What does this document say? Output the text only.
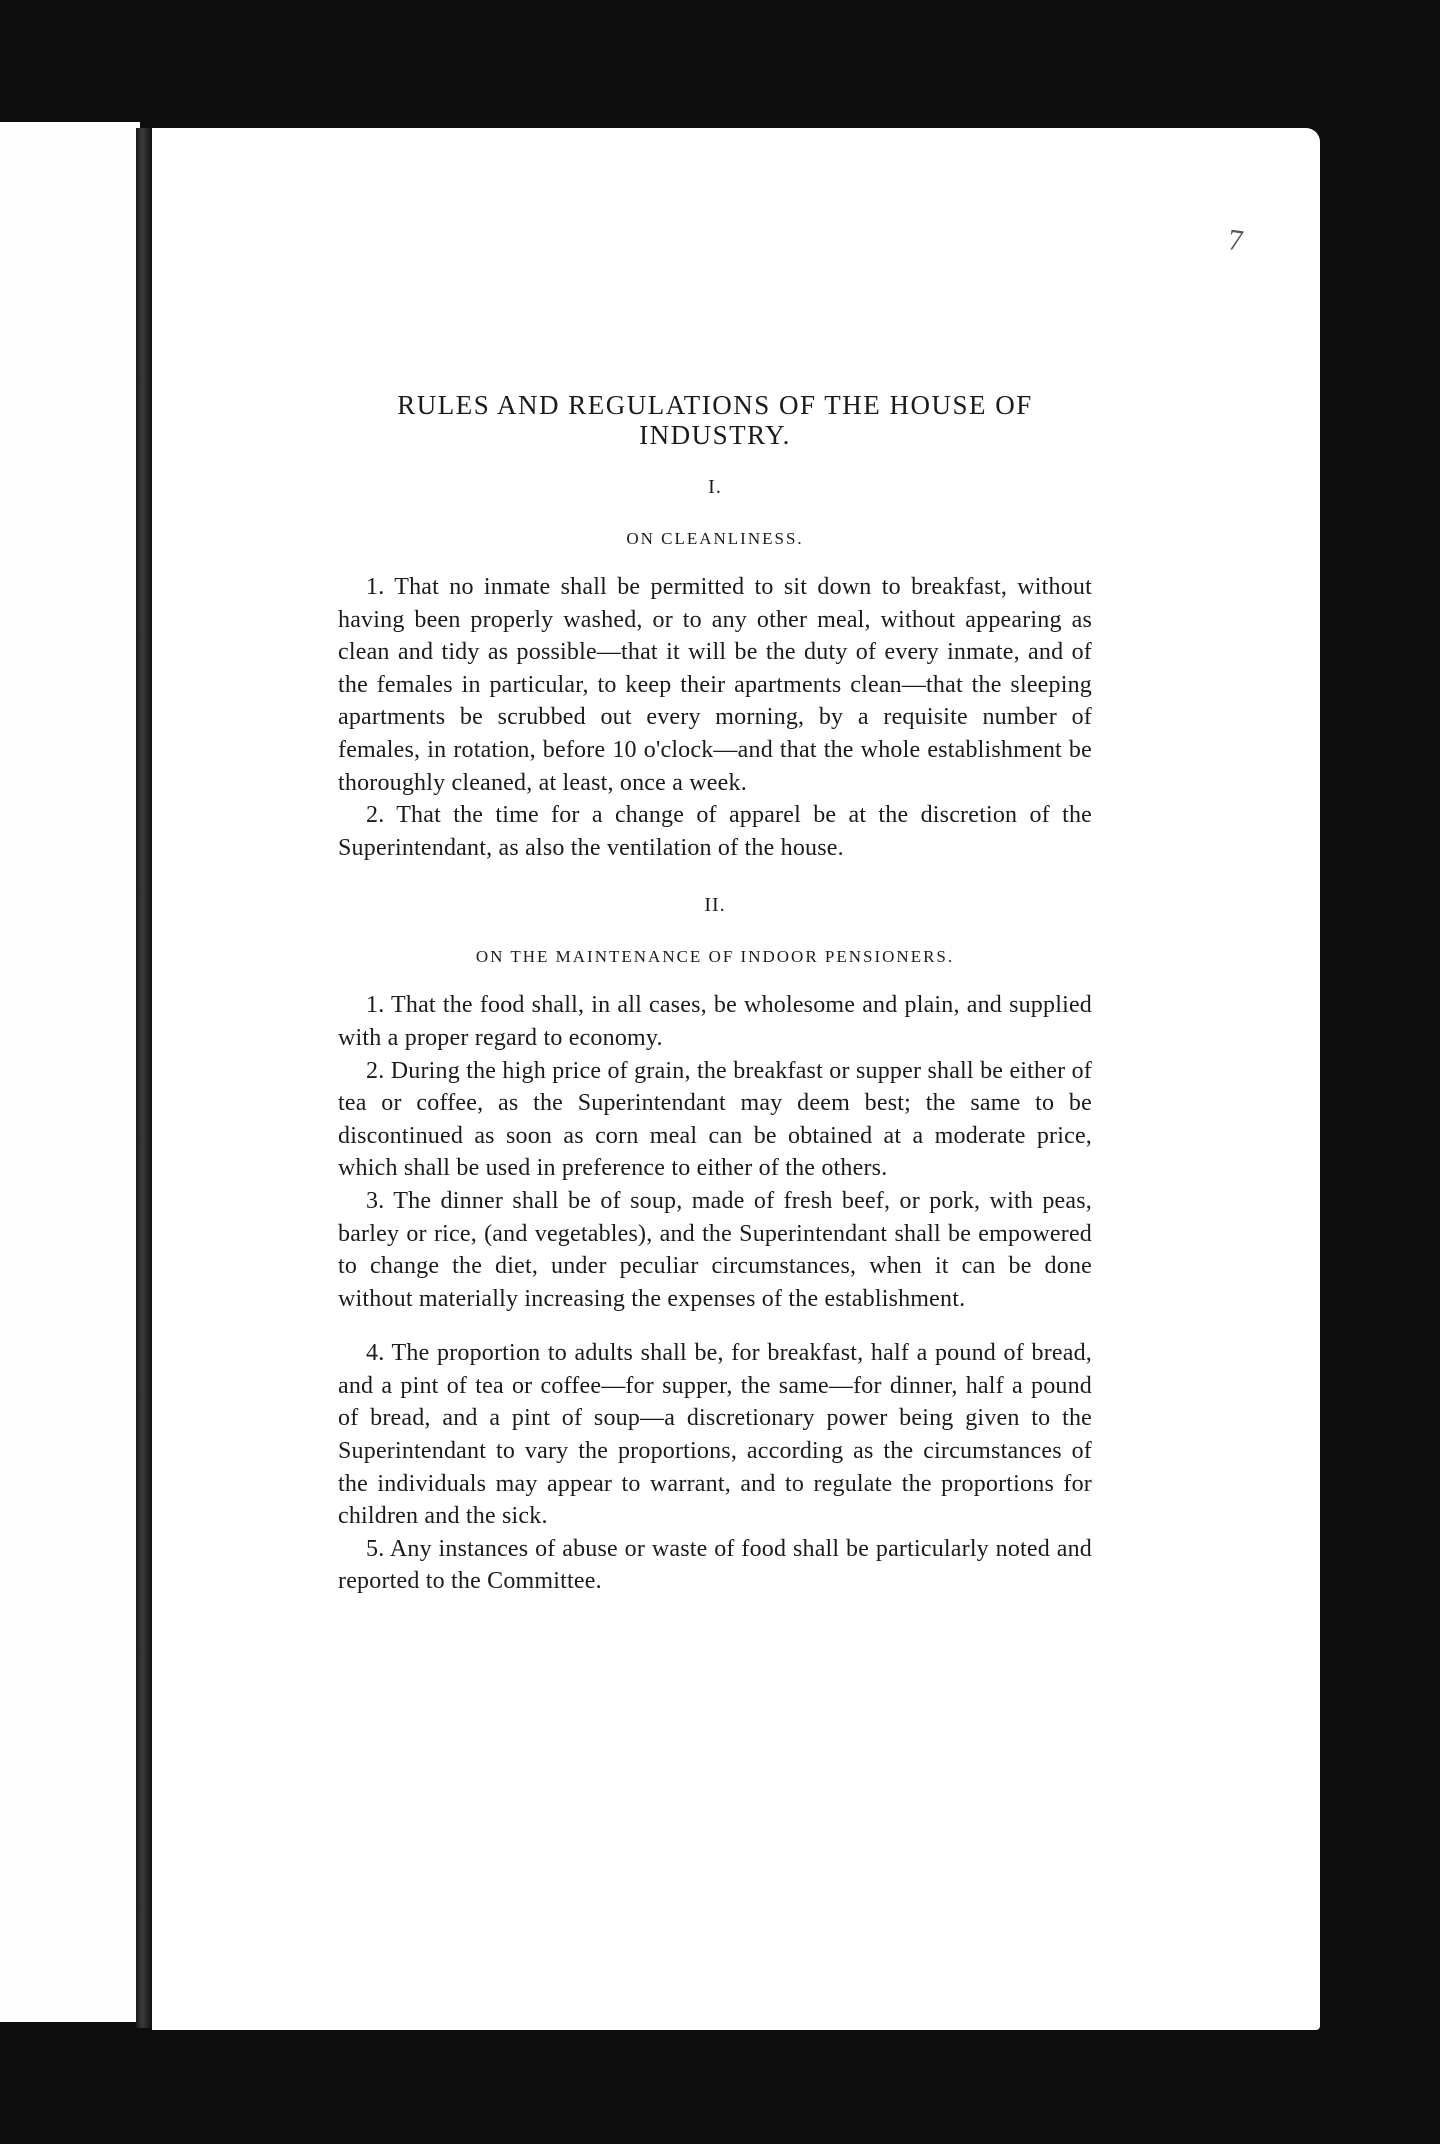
7
RULES AND REGULATIONS OF THE HOUSE OF
INDUSTRY.
I.
ON CLEANLINESS.

1. That no inmate shall be permitted to sit down to breakfast, without having been properly washed, or to any other meal, without appearing as clean and tidy as possible—that it will be the duty of every inmate, and of the females in particular, to keep their apartments clean—that the sleeping apartments be scrubbed out every morning, by a requisite number of females, in rotation, before 10 o'clock—and that the whole establishment be thoroughly cleaned, at least, once a week.

2. That the time for a change of apparel be at the discretion of the Superintendant, as also the ventilation of the house.

II.
ON THE MAINTENANCE OF INDOOR PENSIONERS.

1. That the food shall, in all cases, be wholesome and plain, and supplied with a proper regard to economy.

2. During the high price of grain, the breakfast or supper shall be either of tea or coffee, as the Superintendant may deem best; the same to be discontinued as soon as corn meal can be obtained at a moderate price, which shall be used in preference to either of the others.

3. The dinner shall be of soup, made of fresh beef, or pork, with peas, barley or rice, (and vegetables), and the Superintendant shall be empowered to change the diet, under peculiar circumstances, when it can be done without materially increasing the expenses of the establishment.

4. The proportion to adults shall be, for breakfast, half a pound of bread, and a pint of tea or coffee—for supper, the same—for dinner, half a pound of bread, and a pint of soup—a discretionary power being given to the Superintendant to vary the proportions, according as the circumstances of the individuals may appear to warrant, and to regulate the proportions for children and the sick.

5. Any instances of abuse or waste of food shall be particularly noted and reported to the Committee.
